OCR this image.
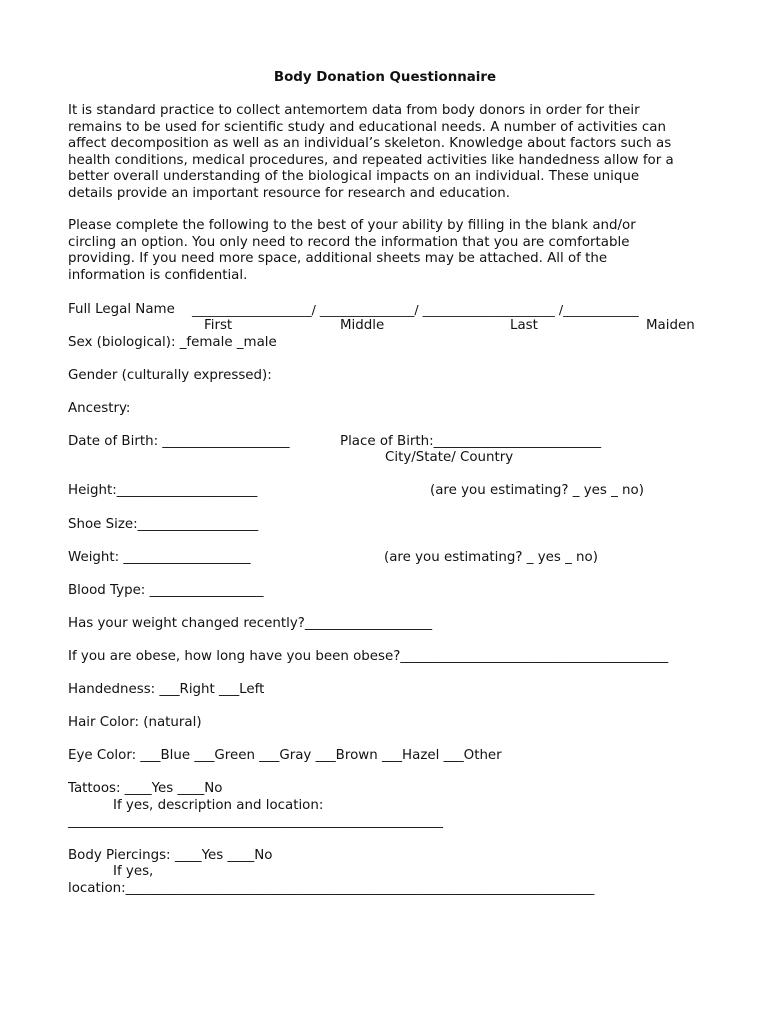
Body Donation Questionnaire
It is standard practice to collect antemortem data from body donors in order for their
remains to be used for scientific study and educational needs. A number of activities can
affect decomposition as well as an individual’s skeleton. Knowledge about factors such as
health conditions, medical procedures, and repeated activities like handedness allow for a
better overall understanding of the biological impacts on an individual. These unique
details provide an important resource for research and education.
Please complete the following to the best of your ability by filling in the blank and/or
circling an option. You only need to record the information that you are comfortable
providing. If you need more space, additional sheets may be attached. All of the
information is confidential.
Full Legal Name ___________________/ _______________/ _____________________ /____________
First	Middle	Last	Maiden
Sex (biological): _female _male
Gender (culturally expressed):
Ancestry:
Date of Birth: ___________________	Place of Birth:_________________________
City/State/ Country
Height:_____________________	(are you estimating? _ yes _ no)
Shoe Size:__________________
Weight: ___________________	(are you estimating? _ yes _ no)
Blood Type: _________________
Has your weight changed recently?___________________
If you are obese, how long have you been obese?________________________________________
Handedness: ___Right ___Left
Hair Color: (natural)
Eye Color: ___Blue ___Green ___Gray ___Brown ___Hazel ___Other
Tattoos: ____Yes ____No
If yes, description and location:
________________________________________________________
Body Piercings: ____Yes ____No
If yes,
location:______________________________________________________________________
